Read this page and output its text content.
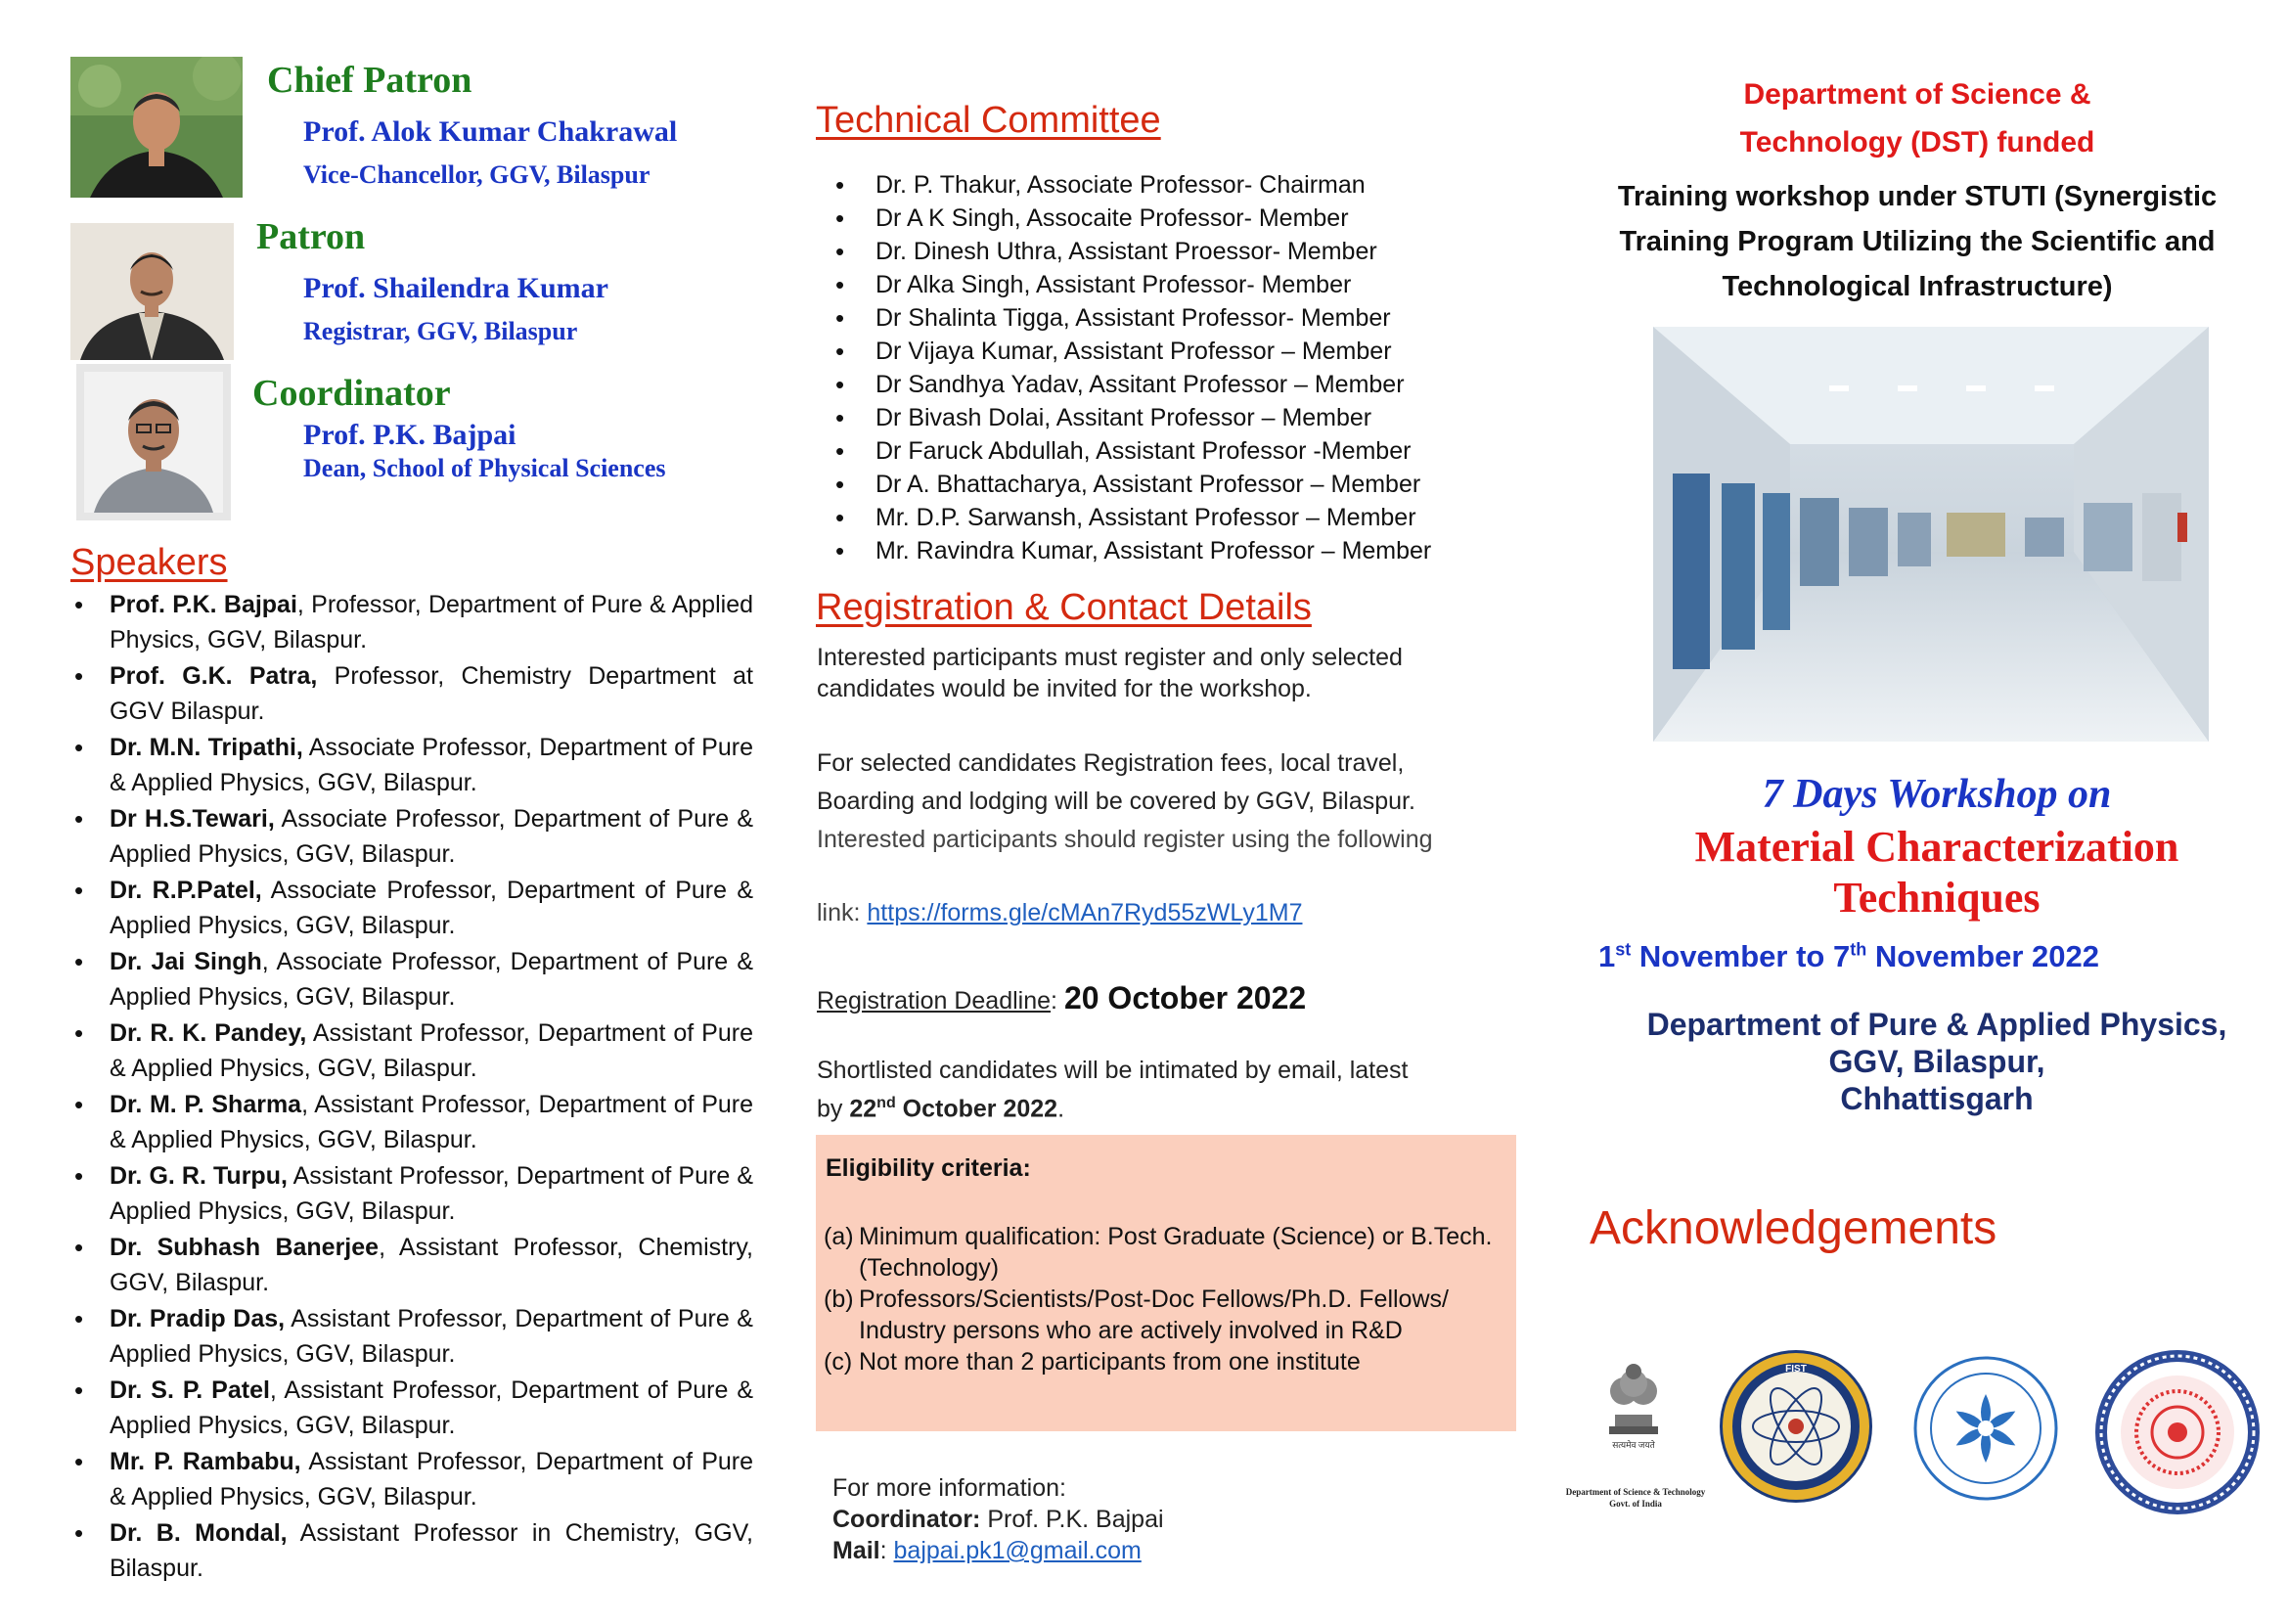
Chief Patron
Prof. Alok Kumar Chakrawal
Vice-Chancellor, GGV, Bilaspur
Patron
Prof. Shailendra Kumar
Registrar, GGV, Bilaspur
Coordinator
Prof. P.K. Bajpai
Dean, School of Physical Sciences
Speakers
• Prof. P.K. Bajpai, Professor, Department of Pure & Applied Physics, GGV, Bilaspur.
• Prof. G.K. Patra, Professor, Chemistry Department at GGV Bilaspur.
• Dr. M.N. Tripathi, Associate Professor, Department of Pure & Applied Physics, GGV, Bilaspur.
• Dr H.S.Tewari, Associate Professor, Department of Pure & Applied Physics, GGV, Bilaspur.
• Dr. R.P.Patel, Associate Professor, Department of Pure & Applied Physics, GGV, Bilaspur.
• Dr. Jai Singh, Associate Professor, Department of Pure & Applied Physics, GGV, Bilaspur.
• Dr. R. K. Pandey, Assistant Professor, Department of Pure & Applied Physics, GGV, Bilaspur.
• Dr. M. P. Sharma, Assistant Professor, Department of Pure & Applied Physics, GGV, Bilaspur.
• Dr. G. R. Turpu, Assistant Professor, Department of Pure & Applied Physics, GGV, Bilaspur.
• Dr. Subhash Banerjee, Assistant Professor, Chemistry, GGV, Bilaspur.
• Dr. Pradip Das, Assistant Professor, Department of Pure & Applied Physics, GGV, Bilaspur.
• Dr. S. P. Patel, Assistant Professor, Department of Pure & Applied Physics, GGV, Bilaspur.
• Mr. P. Rambabu, Assistant Professor, Department of Pure & Applied Physics, GGV, Bilaspur.
• Dr. B. Mondal, Assistant Professor in Chemistry, GGV, Bilaspur.
Technical Committee
• Dr. P. Thakur, Associate Professor- Chairman
• Dr A K Singh, Assocaite Professor- Member
• Dr. Dinesh Uthra, Assistant Proessor- Member
• Dr Alka Singh, Assistant Professor- Member
• Dr Shalinta Tigga, Assistant Professor- Member
• Dr Vijaya Kumar, Assistant Professor – Member
• Dr Sandhya Yadav, Assitant Professor – Member
• Dr Bivash Dolai, Assitant Professor – Member
• Dr Faruck Abdullah, Assistant Professor -Member
• Dr A. Bhattacharya, Assistant Professor – Member
• Mr. D.P. Sarwansh, Assistant Professor – Member
• Mr. Ravindra Kumar, Assistant Professor – Member
Registration & Contact Details
Interested participants must register and only selected candidates would be invited for the workshop.
For selected candidates Registration fees, local travel,
Boarding and lodging will be covered by GGV, Bilaspur.
Interested participants should register using the following
link: https://forms.gle/cMAn7Ryd55zWLy1M7
Registration Deadline: 20 October 2022
Shortlisted candidates will be intimated by email, latest
by 22nd October 2022.
Eligibility criteria:
(a) Minimum qualification: Post Graduate (Science) or B.Tech. (Technology)
(b) Professors/Scientists/Post-Doc Fellows/Ph.D. Fellows/ Industry persons who are actively involved in R&D
(c) Not more than 2 participants from one institute
For more information:
Coordinator: Prof. P.K. Bajpai
Mail: bajpai.pk1@gmail.com
Department of Science &
Technology (DST) funded
Training workshop under STUTI (Synergistic
Training Program Utilizing the Scientific and
Technological Infrastructure)
7 Days Workshop on
Material Characterization
Techniques
1st November to 7th November 2022
Department of Pure & Applied Physics,
GGV, Bilaspur,
Chhattisgarh
Acknowledgements
सत्यमेव जयते
Department of Science & Technology
Govt. of India
FIST
